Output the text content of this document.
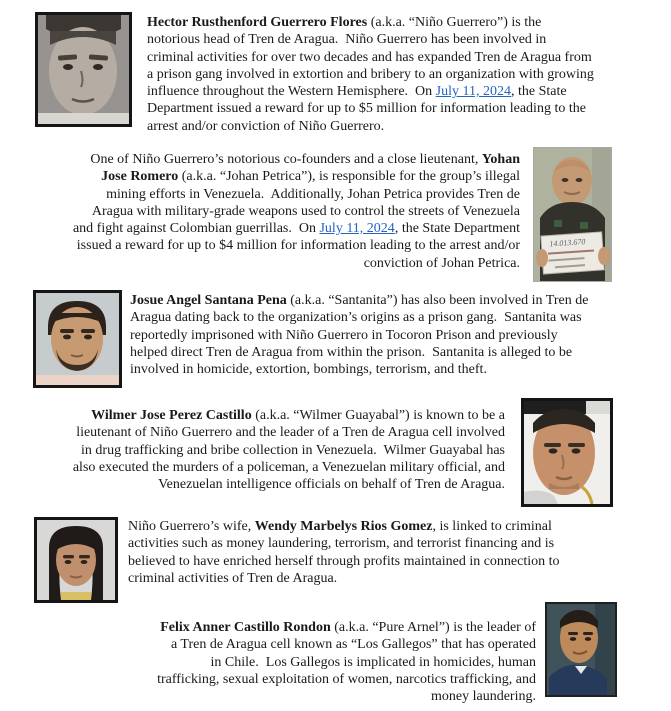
Hector Rusthenford Guerrero Flores (a.k.a. “Niño Guerrero”) is the
notorious head of Tren de Aragua.  Niño Guerrero has been involved in
criminal activities for over two decades and has expanded Tren de Aragua from
a prison gang involved in extortion and bribery to an organization with growing
influence throughout the Western Hemisphere.  On July 11, 2024, the State
Department issued a reward for up to $5 million for information leading to the
arrest and/or conviction of Niño Guerrero.
One of Niño Guerrero’s notorious co-founders and a close lieutenant, Yohan
Jose Romero (a.k.a. “Johan Petrica”), is responsible for the group’s illegal
mining efforts in Venezuela.  Additionally, Johan Petrica provides Tren de
Aragua with military-grade weapons used to control the streets of Venezuela
and fight against Colombian guerrillas.  On July 11, 2024, the State Department
issued a reward for up to $4 million for information leading to the arrest and/or
conviction of Johan Petrica.
14.013.670
Josue Angel Santana Pena (a.k.a. “Santanita”) has also been involved in Tren de
Aragua dating back to the organization’s origins as a prison gang.  Santanita was
reportedly imprisoned with Niño Guerrero in Tocoron Prison and previously
helped direct Tren de Aragua from within the prison.  Santanita is alleged to be
involved in homicide, extortion, bombings, terrorism, and theft.
Wilmer Jose Perez Castillo (a.k.a. “Wilmer Guayabal”) is known to be a
lieutenant of Niño Guerrero and the leader of a Tren de Aragua cell involved
in drug trafficking and bribe collection in Venezuela.  Wilmer Guayabal has
also executed the murders of a policeman, a Venezuelan military official, and
Venezuelan intelligence officials on behalf of Tren de Aragua.
Niño Guerrero’s wife, Wendy Marbelys Rios Gomez, is linked to criminal
activities such as money laundering, terrorism, and terrorist financing and is
believed to have enriched herself through profits maintained in connection to
criminal activities of Tren de Aragua.
Felix Anner Castillo Rondon (a.k.a. “Pure Arnel”) is the leader of
a Tren de Aragua cell known as “Los Gallegos” that has operated
in Chile.  Los Gallegos is implicated in homicides, human
trafficking, sexual exploitation of women, narcotics trafficking, and
money laundering.
